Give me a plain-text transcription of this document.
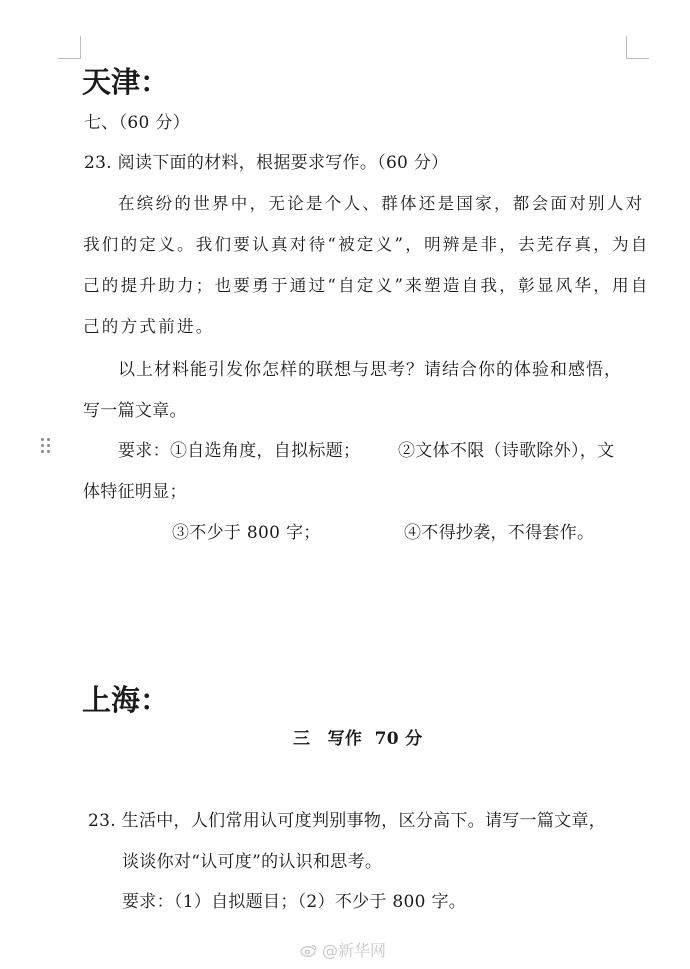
天津：
七、（60 分）
23. 阅读下面的材料，根据要求写作。（60 分）
在缤纷的世界中，无论是个人、群体还是国家，都会面对别人对
我们的定义。我们要认真对待“被定义”，明辨是非，去芜存真，为自
己的提升助力；也要勇于通过“自定义”来塑造自我，彰显风华，用自
己的方式前进。
以上材料能引发你怎样的联想与思考？请结合你的体验和感悟，
写一篇文章。
要求： ①自选角度，自拟标题； ②文体不限（诗歌除外），文
体特征明显；
③不少于 800 字；	④不得抄袭，不得套作。
上海：
三　写作  70 分
23. 生活中，人们常用认可度判别事物，区分高下。请写一篇文章，
谈谈你对“认可度”的认识和思考。
要求：（1）自拟题目；（2）不少于 800 字。
@新华网
